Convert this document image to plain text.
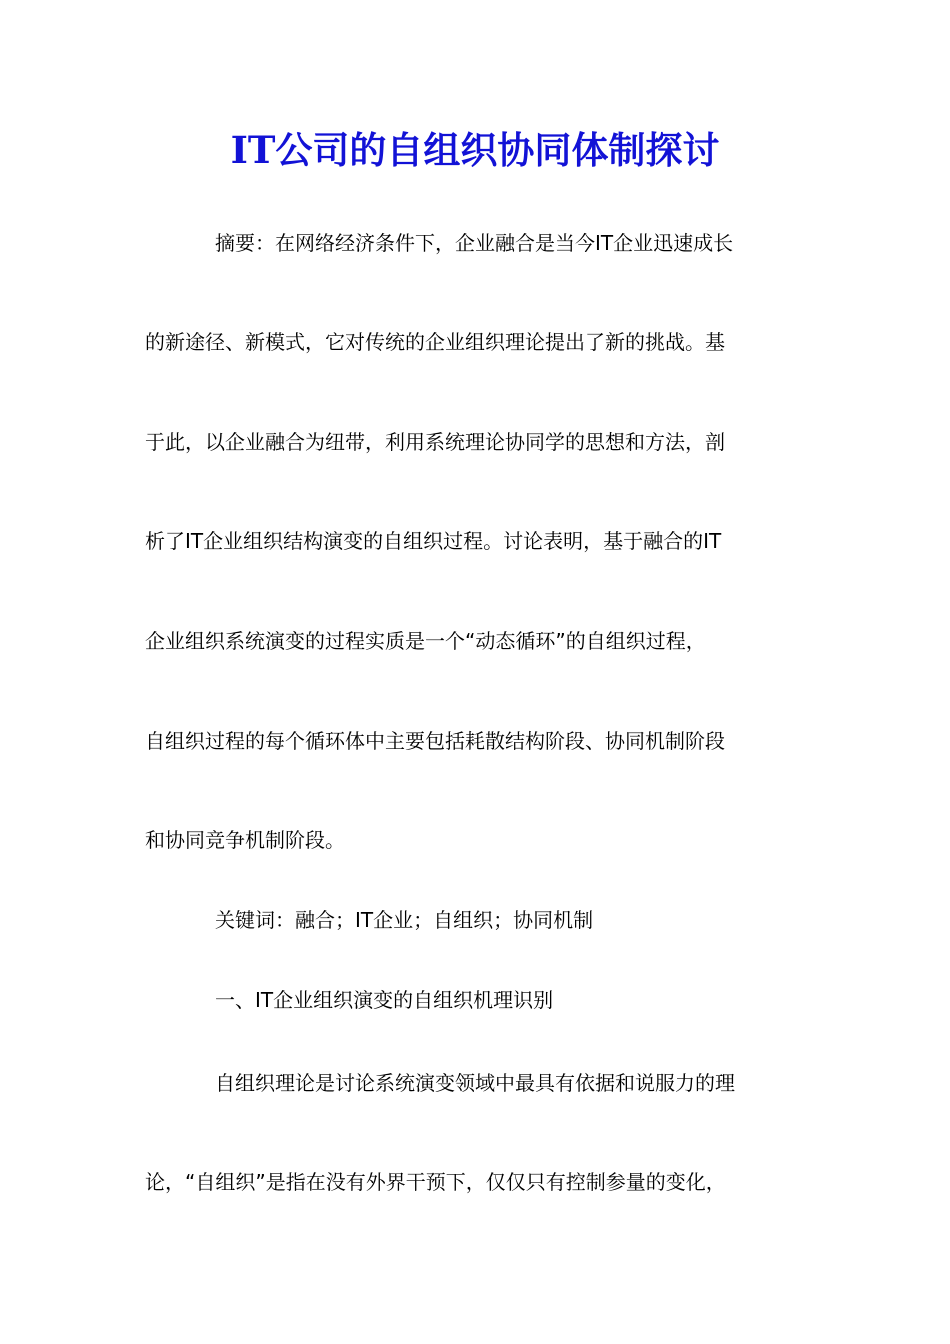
IT公司的自组织协同体制探讨
摘要：在网络经济条件下，企业融合是当今IT企业迅速成长
的新途径、新模式，它对传统的企业组织理论提出了新的挑战。基
于此，以企业融合为纽带，利用系统理论协同学的思想和方法，剖
析了IT企业组织结构演变的自组织过程。讨论表明，基于融合的IT
企业组织系统演变的过程实质是一个“动态循环”的自组织过程，
自组织过程的每个循环体中主要包括耗散结构阶段、协同机制阶段
和协同竞争机制阶段。
关键词：融合；IT企业；自组织；协同机制
一、IT企业组织演变的自组织机理识别
自组织理论是讨论系统演变领域中最具有依据和说服力的理
论，“自组织”是指在没有外界干预下，仅仅只有控制参量的变化，
